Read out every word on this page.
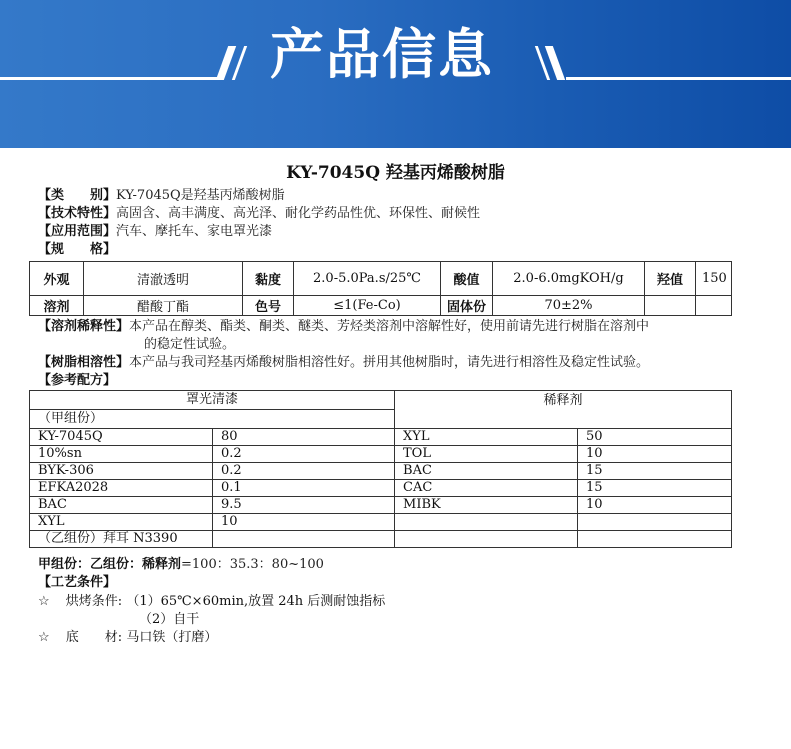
产品信息
KY-7045Q 羟基丙烯酸树脂
【类　　别】KY-7045Q是羟基丙烯酸树脂
【技术特性】高固含、高丰满度、高光泽、耐化学药品性优、环保性、耐候性
【应用范围】汽车、摩托车、家电罩光漆
【规　　格】
外观	清澈透明	黏度	2.0-5.0Pa.s/25℃	酸值	2.0-6.0mgKOH/g	羟值	150
溶剂	醋酸丁酯	色号	≤1(Fe-Co)	固体份	70±2%		
【溶剂稀释性】本产品在醇类、酯类、酮类、醚类、芳烃类溶剂中溶解性好，使用前请先进行树脂在溶剂中
的稳定性试验。
【树脂相溶性】本产品与我司羟基丙烯酸树脂相溶性好。拼用其他树脂时，请先进行相溶性及稳定性试验。
【参考配方】
罩光清漆		稀释剂	
（甲组份）			
KY-7045Q	80	XYL	50
10%sn	0.2	TOL	10
BYK-306	0.2	BAC	15
EFKA2028	0.1	CAC	15
BAC	9.5	MIBK	10
XYL	10		
（乙组份）拜耳 N3390			
甲组份：乙组份：稀释剂=100：35.3：80~100
【工艺条件】
☆ 烘烤条件: （1）65℃×60min,放置 24h 后测耐蚀指标
（2）自干
☆ 底　　材: 马口铁（打磨）
